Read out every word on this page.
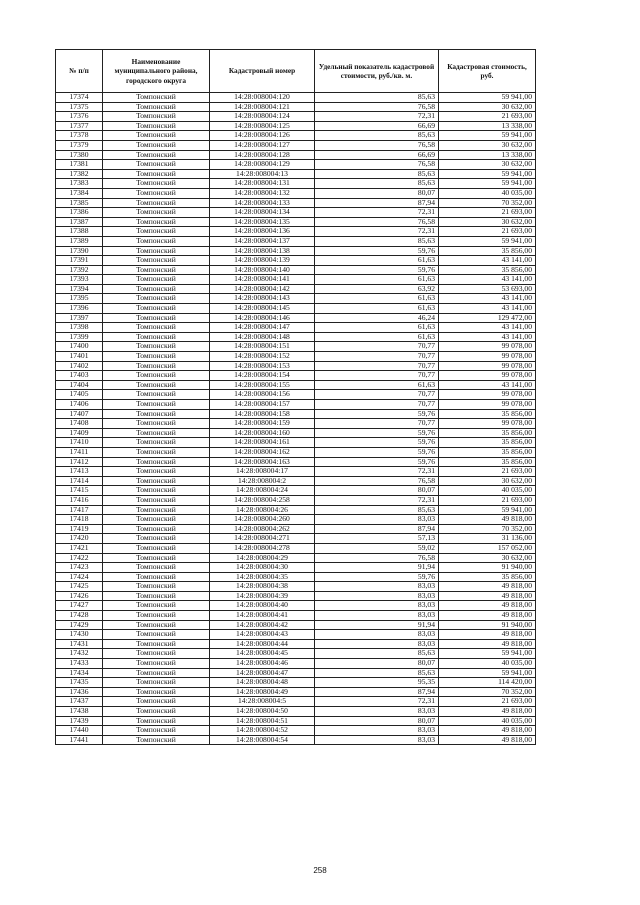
№ п/п	Наименование муниципального района, городского округа	Кадастровый номер	Удельный показатель кадастровой стоимости, руб./кв. м.	Кадастровая стоимость, руб.
17374	Томпонский	14:28:008004:120	85,63	59 941,00
17375	Томпонский	14:28:008004:121	76,58	30 632,00
17376	Томпонский	14:28:008004:124	72,31	21 693,00
17377	Томпонский	14:28:008004:125	66,69	13 338,00
17378	Томпонский	14:28:008004:126	85,63	59 941,00
17379	Томпонский	14:28:008004:127	76,58	30 632,00
17380	Томпонский	14:28:008004:128	66,69	13 338,00
17381	Томпонский	14:28:008004:129	76,58	30 632,00
17382	Томпонский	14:28:008004:13	85,63	59 941,00
17383	Томпонский	14:28:008004:131	85,63	59 941,00
17384	Томпонский	14:28:008004:132	80,07	40 035,00
17385	Томпонский	14:28:008004:133	87,94	70 352,00
17386	Томпонский	14:28:008004:134	72,31	21 693,00
17387	Томпонский	14:28:008004:135	76,58	30 632,00
17388	Томпонский	14:28:008004:136	72,31	21 693,00
17389	Томпонский	14:28:008004:137	85,63	59 941,00
17390	Томпонский	14:28:008004:138	59,76	35 856,00
17391	Томпонский	14:28:008004:139	61,63	43 141,00
17392	Томпонский	14:28:008004:140	59,76	35 856,00
17393	Томпонский	14:28:008004:141	61,63	43 141,00
17394	Томпонский	14:28:008004:142	63,92	53 693,00
17395	Томпонский	14:28:008004:143	61,63	43 141,00
17396	Томпонский	14:28:008004:145	61,63	43 141,00
17397	Томпонский	14:28:008004:146	46,24	129 472,00
17398	Томпонский	14:28:008004:147	61,63	43 141,00
17399	Томпонский	14:28:008004:148	61,63	43 141,00
17400	Томпонский	14:28:008004:151	70,77	99 078,00
17401	Томпонский	14:28:008004:152	70,77	99 078,00
17402	Томпонский	14:28:008004:153	70,77	99 078,00
17403	Томпонский	14:28:008004:154	70,77	99 078,00
17404	Томпонский	14:28:008004:155	61,63	43 141,00
17405	Томпонский	14:28:008004:156	70,77	99 078,00
17406	Томпонский	14:28:008004:157	70,77	99 078,00
17407	Томпонский	14:28:008004:158	59,76	35 856,00
17408	Томпонский	14:28:008004:159	70,77	99 078,00
17409	Томпонский	14:28:008004:160	59,76	35 856,00
17410	Томпонский	14:28:008004:161	59,76	35 856,00
17411	Томпонский	14:28:008004:162	59,76	35 856,00
17412	Томпонский	14:28:008004:163	59,76	35 856,00
17413	Томпонский	14:28:008004:17	72,31	21 693,00
17414	Томпонский	14:28:008004:2	76,58	30 632,00
17415	Томпонский	14:28:008004:24	80,07	40 035,00
17416	Томпонский	14:28:008004:258	72,31	21 693,00
17417	Томпонский	14:28:008004:26	85,63	59 941,00
17418	Томпонский	14:28:008004:260	83,03	49 818,00
17419	Томпонский	14:28:008004:262	87,94	70 352,00
17420	Томпонский	14:28:008004:271	57,13	31 136,00
17421	Томпонский	14:28:008004:278	59,02	157 052,00
17422	Томпонский	14:28:008004:29	76,58	30 632,00
17423	Томпонский	14:28:008004:30	91,94	91 940,00
17424	Томпонский	14:28:008004:35	59,76	35 856,00
17425	Томпонский	14:28:008004:38	83,03	49 818,00
17426	Томпонский	14:28:008004:39	83,03	49 818,00
17427	Томпонский	14:28:008004:40	83,03	49 818,00
17428	Томпонский	14:28:008004:41	83,03	49 818,00
17429	Томпонский	14:28:008004:42	91,94	91 940,00
17430	Томпонский	14:28:008004:43	83,03	49 818,00
17431	Томпонский	14:28:008004:44	83,03	49 818,00
17432	Томпонский	14:28:008004:45	85,63	59 941,00
17433	Томпонский	14:28:008004:46	80,07	40 035,00
17434	Томпонский	14:28:008004:47	85,63	59 941,00
17435	Томпонский	14:28:008004:48	95,35	114 420,00
17436	Томпонский	14:28:008004:49	87,94	70 352,00
17437	Томпонский	14:28:008004:5	72,31	21 693,00
17438	Томпонский	14:28:008004:50	83,03	49 818,00
17439	Томпонский	14:28:008004:51	80,07	40 035,00
17440	Томпонский	14:28:008004:52	83,03	49 818,00
17441	Томпонский	14:28:008004:54	83,03	49 818,00
258
